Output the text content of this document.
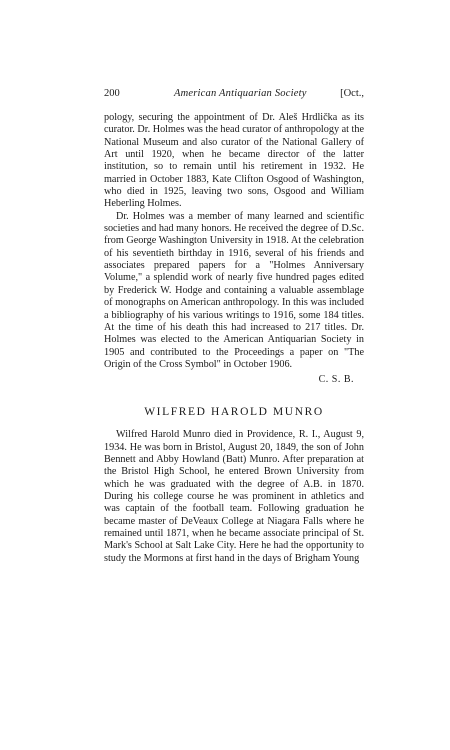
200	American Antiquarian Society	[Oct.,

pology, securing the appointment of Dr. Aleš Hrdlička as its curator. Dr. Holmes was the head curator of anthropology at the National Museum and also curator of the National Gallery of Art until 1920, when he became director of the latter institution, so to remain until his retirement in 1932. He married in October 1883, Kate Clifton Osgood of Washington, who died in 1925, leaving two sons, Osgood and William Heberling Holmes.

Dr. Holmes was a member of many learned and scientific societies and had many honors. He received the degree of D.Sc. from George Washington University in 1918. At the celebration of his seventieth birthday in 1916, several of his friends and associates prepared papers for a "Holmes Anniversary Volume," a splendid work of nearly five hundred pages edited by Frederick W. Hodge and containing a valuable assemblage of monographs on American anthropology. In this was included a bibliography of his various writings to 1916, some 184 titles. At the time of his death this had increased to 217 titles. Dr. Holmes was elected to the American Antiquarian Society in 1905 and contributed to the Proceedings a paper on "The Origin of the Cross Symbol" in October 1906.

C. S. B.
WILFRED HAROLD MUNRO

Wilfred Harold Munro died in Providence, R. I., August 9, 1934. He was born in Bristol, August 20, 1849, the son of John Bennett and Abby Howland (Batt) Munro. After preparation at the Bristol High School, he entered Brown University from which he was graduated with the degree of A.B. in 1870. During his college course he was prominent in athletics and was captain of the football team. Following graduation he became master of DeVeaux College at Niagara Falls where he remained until 1871, when he became associate principal of St. Mark's School at Salt Lake City. Here he had the opportunity to study the Mormons at first hand in the days of Brigham Young
